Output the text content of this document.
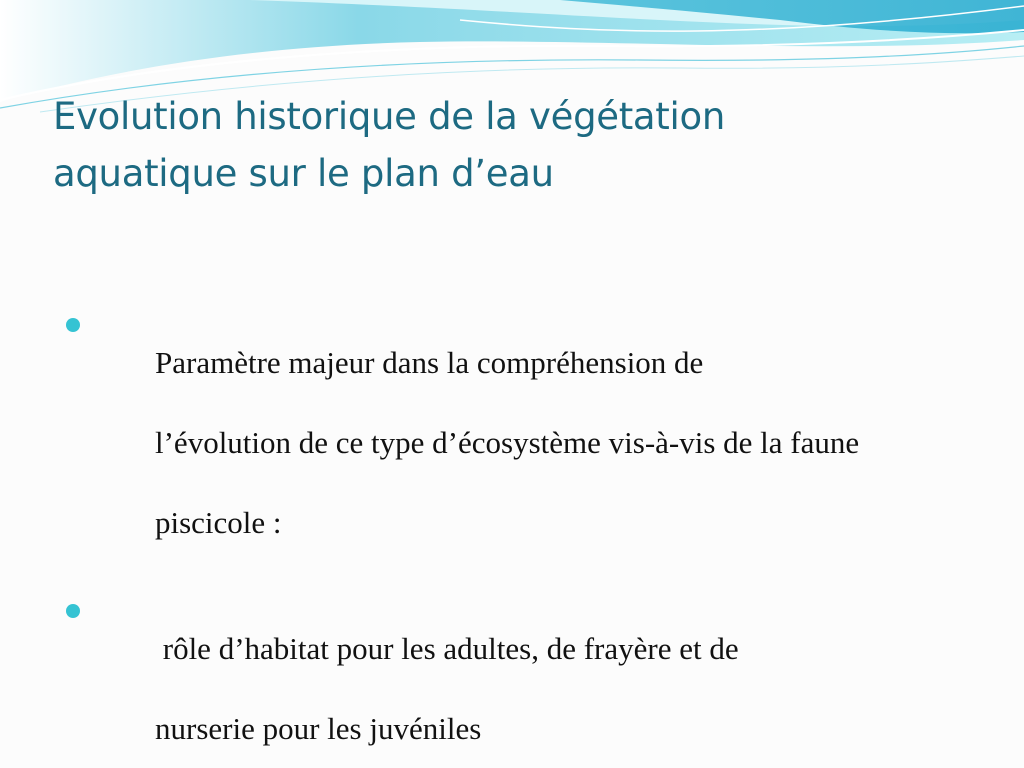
Evolution historique de la végétation
aquatique sur le plan d’eau

Paramètre majeur dans la compréhension de

l’évolution de ce type d’écosystème vis-à-vis de la faune

piscicole :

rôle d’habitat pour les adultes, de frayère et de

nurserie pour les juvéniles
